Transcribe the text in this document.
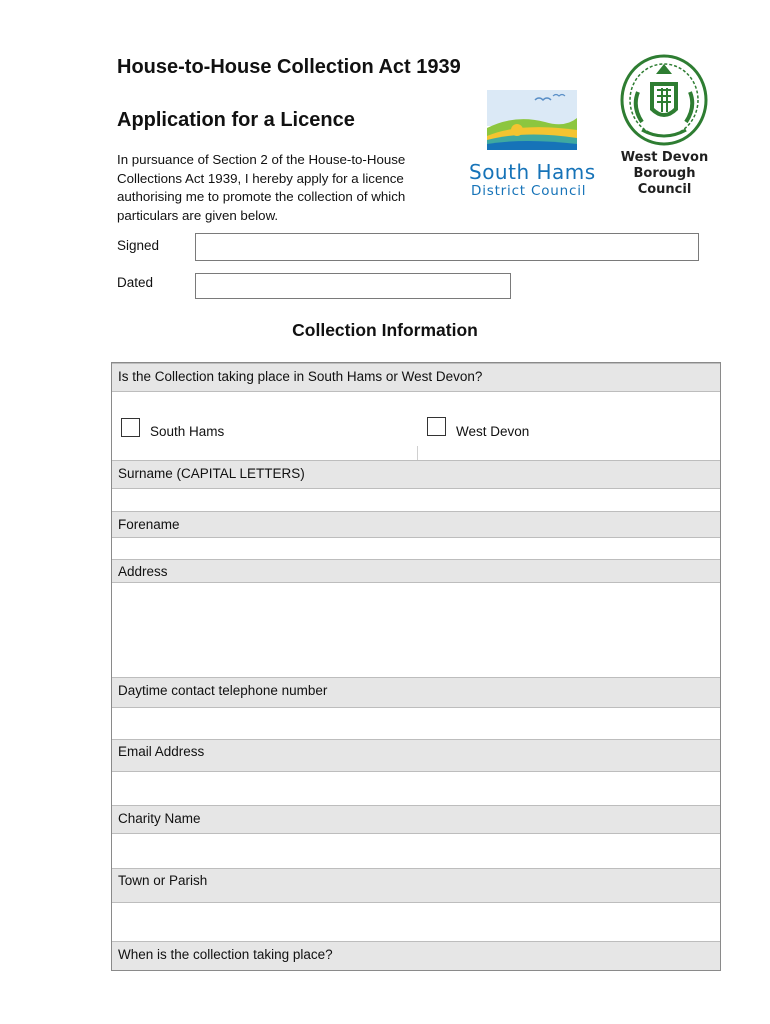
House-to-House Collection Act 1939
Application for a Licence
In pursuance of Section 2 of the House-to-House Collections Act 1939, I hereby apply for a licence authorising me to promote the collection of which particulars are given below.
South Hams
District Council
West Devon
Borough
Council
Signed
Dated
Collection Information
Is the Collection taking place in South Hams or West Devon?
South Hams	West Devon
Surname (CAPITAL LETTERS)
Forename
Address
Daytime contact telephone number
Email Address
Charity Name
Town or Parish
When is the collection taking place?
